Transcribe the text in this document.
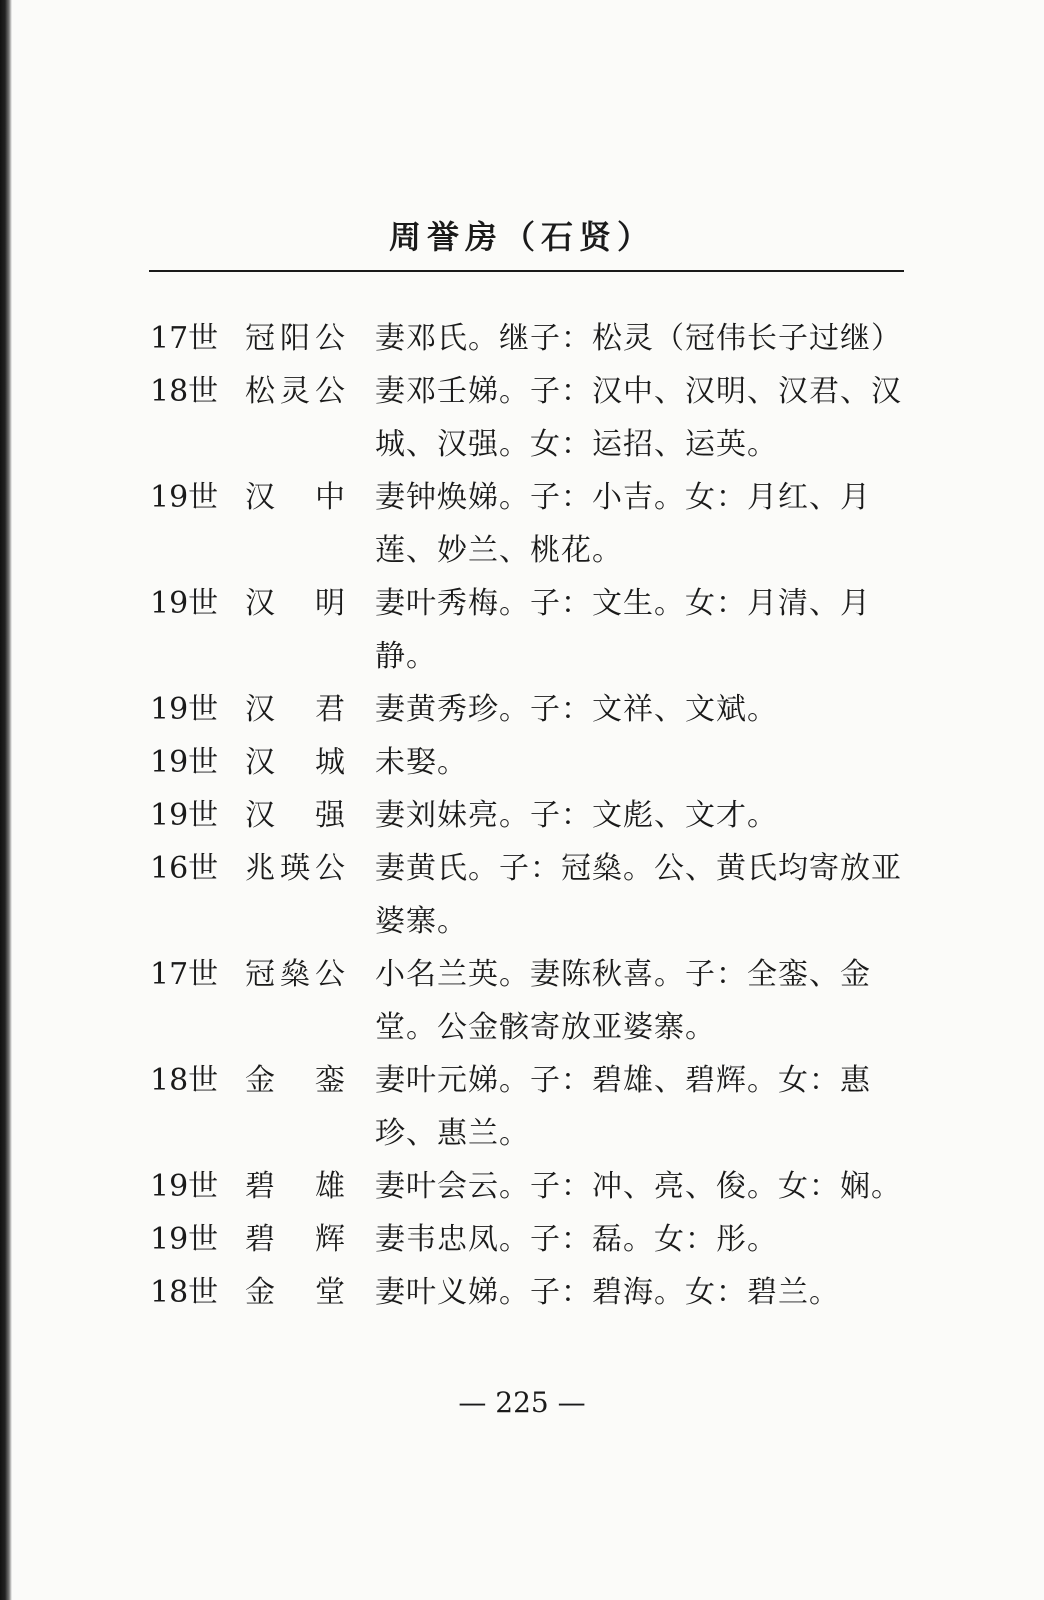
周誉房（石贤）
17世 冠阳公 妻邓氏。继子：松灵（冠伟长子过继）
18世 松灵公 妻邓壬娣。子：汉中、汉明、汉君、汉城、汉强。女：运招、运英。
19世 汉 中 妻钟焕娣。子：小吉。女：月红、月莲、妙兰、桃花。
19世 汉 明 妻叶秀梅。子：文生。女：月清、月静。
19世 汉 君 妻黄秀珍。子：文祥、文斌。
19世 汉 城 未娶。
19世 汉 强 妻刘妹亮。子：文彪、文才。
16世 兆瑛公 妻黄氏。子：冠燊。公、黄氏均寄放亚婆寨。
17世 冠燊公 小名兰英。妻陈秋喜。子：全銮、金堂。公金骸寄放亚婆寨。
18世 金 銮 妻叶元娣。子：碧雄、碧辉。女：惠珍、惠兰。
19世 碧 雄 妻叶会云。子：冲、亮、俊。女：娴。
19世 碧 辉 妻韦忠凤。子：磊。女：彤。
18世 金 堂 妻叶义娣。子：碧海。女：碧兰。
— 225 —
